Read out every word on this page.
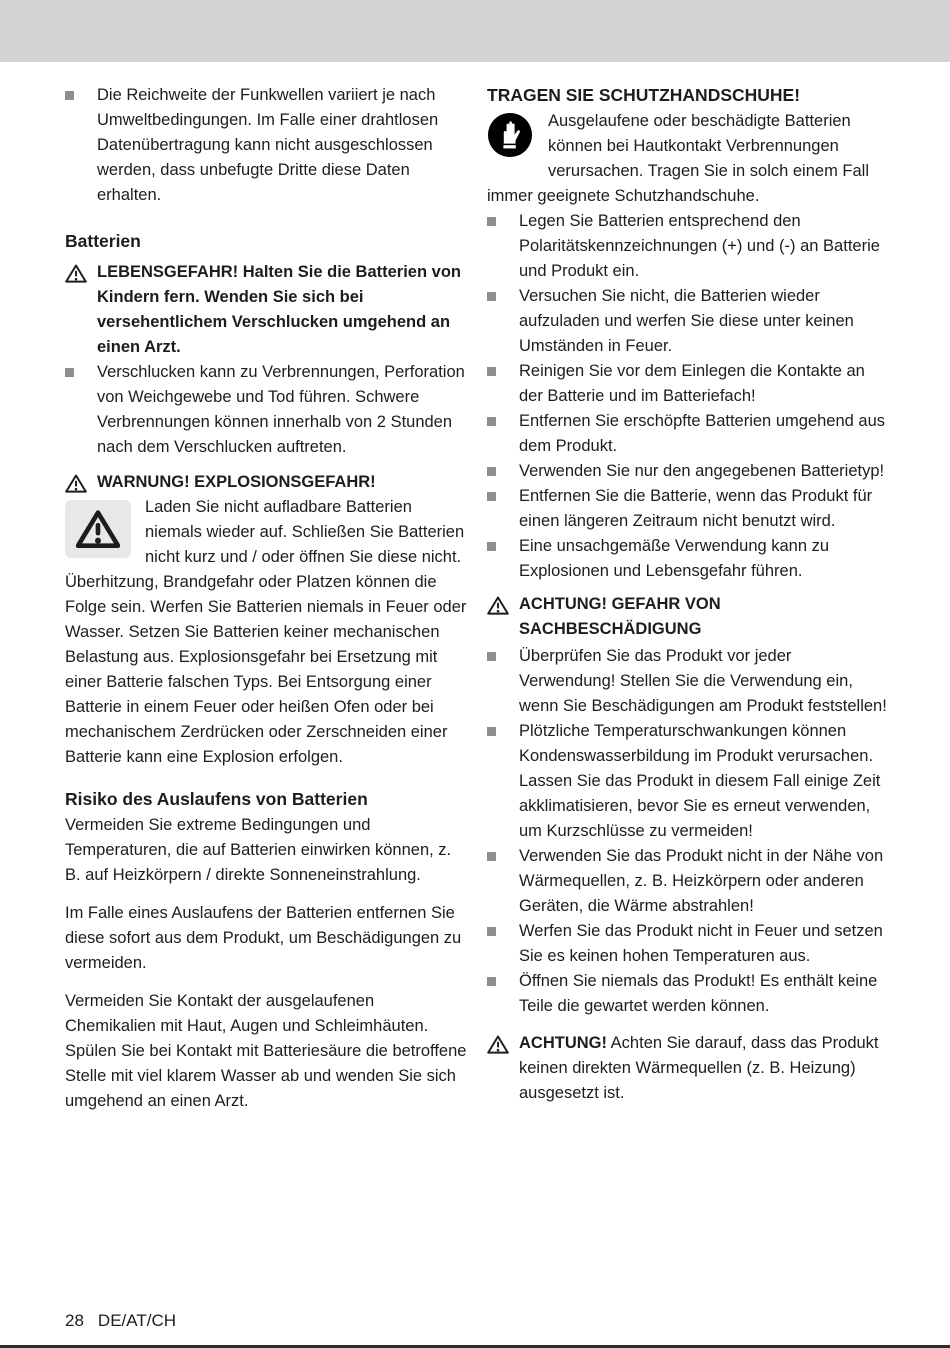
Die Reichweite der Funkwellen variiert je nach Umweltbedingungen. Im Falle einer drahtlosen Datenübertragung kann nicht ausgeschlossen werden, dass unbefugte Dritte diese Daten erhalten.

Batterien

LEBENSGEFAHR! Halten Sie die Batterien von Kindern fern. Wenden Sie sich bei versehentlichem Verschlucken umgehend an einen Arzt.

Verschlucken kann zu Verbrennungen, Perforation von Weichgewebe und Tod führen. Schwere Verbrennungen können innerhalb von 2 Stunden nach dem Verschlucken auftreten.

WARNUNG! EXPLOSIONSGEFAHR!

Laden Sie nicht aufladbare Batterien niemals wieder auf. Schließen Sie Batterien nicht kurz und / oder öffnen Sie diese nicht. Überhitzung, Brandgefahr oder Platzen können die Folge sein. Werfen Sie Batterien niemals in Feuer oder Wasser. Setzen Sie Batterien keiner mechanischen Belastung aus. Explosionsgefahr bei Ersetzung mit einer Batterie falschen Typs. Bei Entsorgung einer Batterie in einem Feuer oder heißen Ofen oder bei mechanischem Zerdrücken oder Zerschneiden einer Batterie kann eine Explosion erfolgen.
Risiko des Auslaufens von Batterien

Vermeiden Sie extreme Bedingungen und Temperaturen, die auf Batterien einwirken können, z. B. auf Heizkörpern / direkte Sonneneinstrahlung.

Im Falle eines Auslaufens der Batterien entfernen Sie diese sofort aus dem Produkt, um Beschädigungen zu vermeiden.

Vermeiden Sie Kontakt der ausgelaufenen Chemikalien mit Haut, Augen und Schleimhäuten. Spülen Sie bei Kontakt mit Batteriesäure die betroffene Stelle mit viel klarem Wasser ab und wenden Sie sich umgehend an einen Arzt.

TRAGEN SIE SCHUTZHANDSCHUHE!
Ausgelaufene oder beschädigte Batterien können bei Hautkontakt Verbrennungen verursachen. Tragen Sie in solch einem Fall immer geeignete Schutzhandschuhe.

Legen Sie Batterien entsprechend den Polaritätskennzeichnungen (+) und (-) an Batterie und Produkt ein.

Versuchen Sie nicht, die Batterien wieder aufzuladen und werfen Sie diese unter keinen Umständen in Feuer.

Reinigen Sie vor dem Einlegen die Kontakte an der Batterie und im Batteriefach!

Entfernen Sie erschöpfte Batterien umgehend aus dem Produkt.

Verwenden Sie nur den angegebenen Batterietyp!

Entfernen Sie die Batterie, wenn das Produkt für einen längeren Zeitraum nicht benutzt wird.

Eine unsachgemäße Verwendung kann zu Explosionen und Lebensgefahr führen.

ACHTUNG! GEFAHR VON SACHBESCHÄDIGUNG

Überprüfen Sie das Produkt vor jeder Verwendung! Stellen Sie die Verwendung ein, wenn Sie Beschädigungen am Produkt feststellen!

Plötzliche Temperaturschwankungen können Kondenswasserbildung im Produkt verursachen. Lassen Sie das Produkt in diesem Fall einige Zeit akklimatisieren, bevor Sie es erneut verwenden, um Kurzschlüsse zu vermeiden!

Verwenden Sie das Produkt nicht in der Nähe von Wärmequellen, z. B. Heizkörpern oder anderen Geräten, die Wärme abstrahlen!

Werfen Sie das Produkt nicht in Feuer und setzen Sie es keinen hohen Temperaturen aus.

Öffnen Sie niemals das Produkt! Es enthält keine Teile die gewartet werden können.

ACHTUNG! Achten Sie darauf, dass das Produkt keinen direkten Wärmequellen (z. B. Heizung) ausgesetzt ist.

28 DE/AT/CH
